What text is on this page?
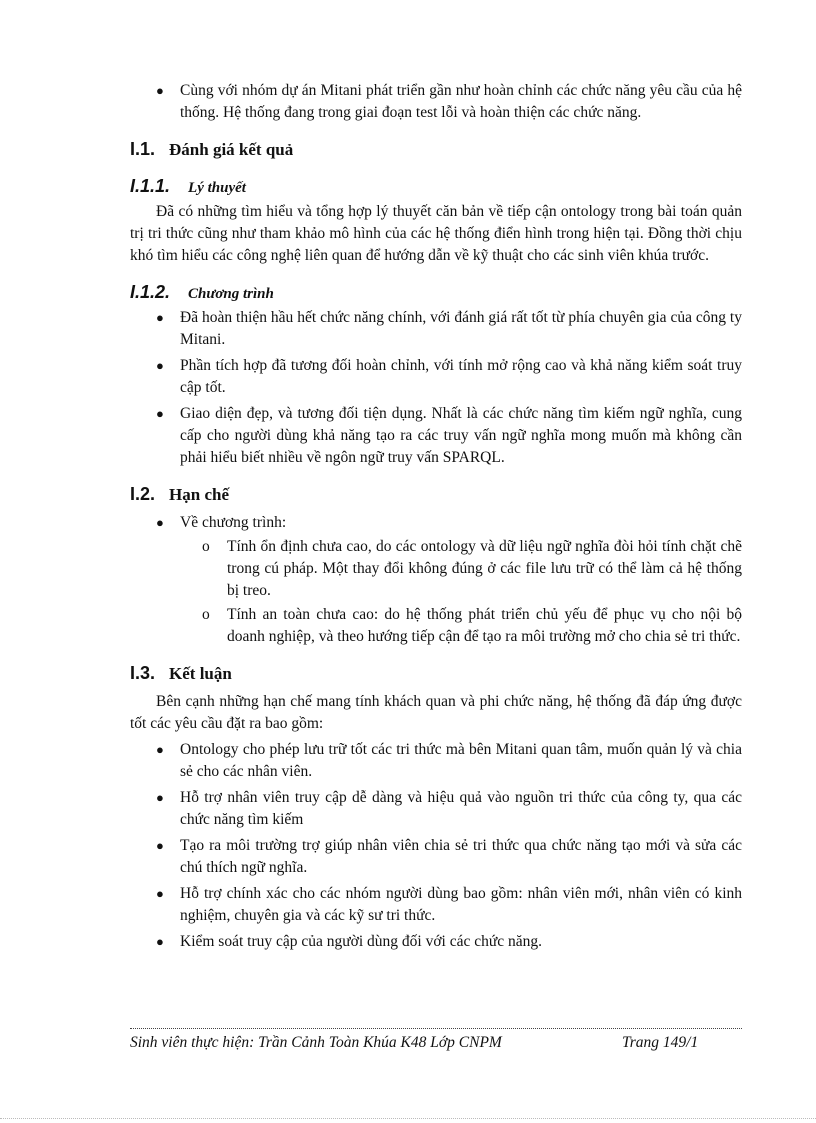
● Cùng với nhóm dự án Mitani phát triển gần như hoàn chỉnh các chức năng yêu cầu của hệ thống. Hệ thống đang trong giai đoạn test lỗi và hoàn thiện các chức năng.
I.1. Đánh giá kết quả
I.1.1. Lý thuyết

Đã có những tìm hiểu và tổng hợp lý thuyết căn bản về tiếp cận ontology trong bài toán quản trị tri thức cũng như tham khảo mô hình của các hệ thống điển hình trong hiện tại. Đồng thời chịu khó tìm hiểu các công nghệ liên quan để hướng dẫn về kỹ thuật cho các sinh viên khúa trước.

I.1.2. Chương trình
● Đã hoàn thiện hầu hết chức năng chính, với đánh giá rất tốt từ phía chuyên gia của công ty Mitani.
● Phần tích hợp đã tương đối hoàn chỉnh, với tính mở rộng cao và khả năng kiểm soát truy cập tốt.
● Giao diện đẹp, và tương đối tiện dụng. Nhất là các chức năng tìm kiếm ngữ nghĩa, cung cấp cho người dùng khả năng tạo ra các truy vấn ngữ nghĩa mong muốn mà không cần phải hiểu biết nhiều về ngôn ngữ truy vấn SPARQL.
I.2. Hạn chế
● Về chương trình:
o Tính ổn định chưa cao, do các ontology và dữ liệu ngữ nghĩa đòi hỏi tính chặt chẽ trong cú pháp. Một thay đổi không đúng ở các file lưu trữ có thể làm cả hệ thống bị treo.
o Tính an toàn chưa cao: do hệ thống phát triển chủ yếu để phục vụ cho nội bộ doanh nghiệp, và theo hướng tiếp cận để tạo ra môi trường mở cho chia sẻ tri thức.
I.3. Kết luận

Bên cạnh những hạn chế mang tính khách quan và phi chức năng, hệ thống đã đáp ứng được tốt các yêu cầu đặt ra bao gồm:

● Ontology cho phép lưu trữ tốt các tri thức mà bên Mitani quan tâm, muốn quản lý và chia sẻ cho các nhân viên.
● Hỗ trợ nhân viên truy cập dễ dàng và hiệu quả vào nguồn tri thức của công ty, qua các chức năng tìm kiếm
● Tạo ra môi trường trợ giúp nhân viên chia sẻ tri thức qua chức năng tạo mới và sửa các chú thích ngữ nghĩa.
● Hỗ trợ chính xác cho các nhóm người dùng bao gồm: nhân viên mới, nhân viên có kinh nghiệm, chuyên gia và các kỹ sư tri thức.
● Kiểm soát truy cập của người dùng đối với các chức năng.
Sinh viên thực hiện: Trần Cảnh Toàn Khúa K48 Lớp CNPM	Trang 149/1
